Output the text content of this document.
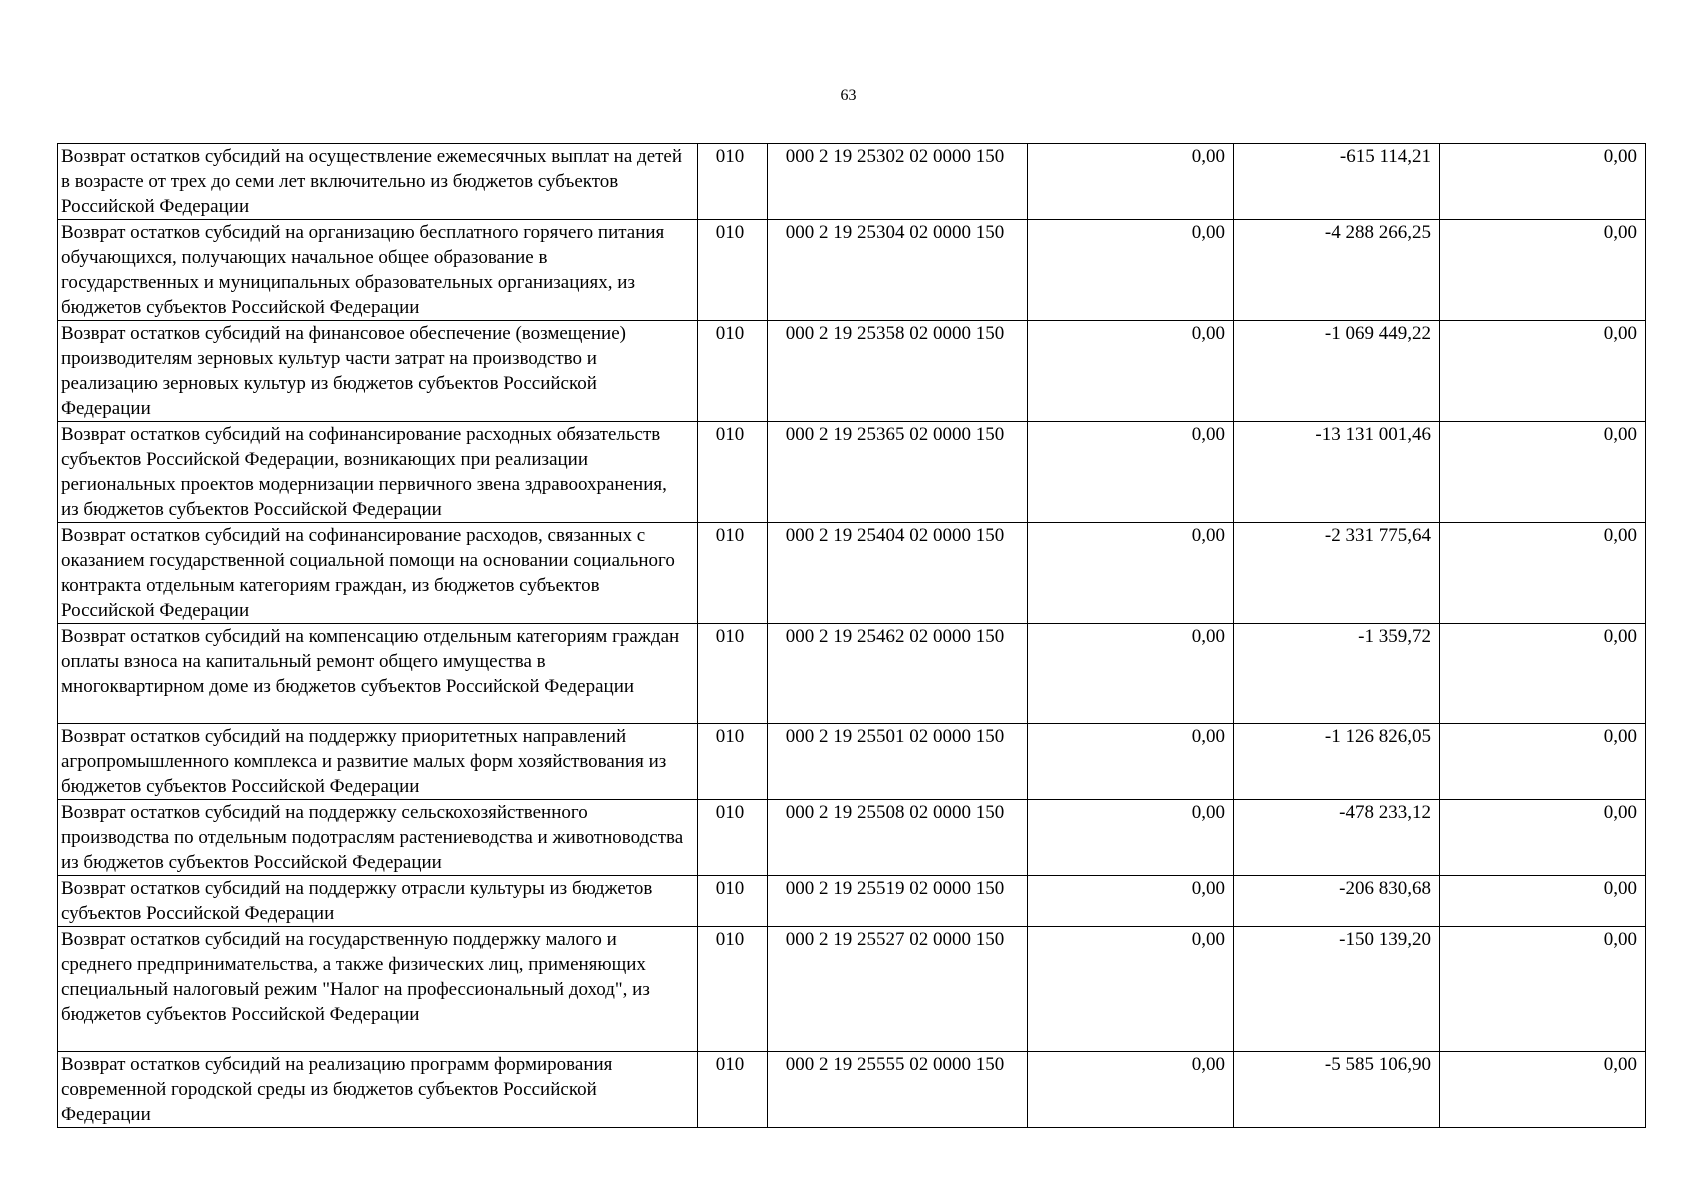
63
Возврат остатков субсидий на осуществление ежемесячных выплат на детей в возрасте от трех до семи лет включительно из бюджетов субъектов Российской Федерации	010	000 2 19 25302 02 0000 150	0,00	-615 114,21	0,00
Возврат остатков субсидий на организацию бесплатного горячего питания обучающихся, получающих начальное общее образование в государственных и муниципальных образовательных организациях, из бюджетов субъектов Российской Федерации	010	000 2 19 25304 02 0000 150	0,00	-4 288 266,25	0,00
Возврат остатков субсидий на финансовое обеспечение (возмещение) производителям зерновых культур части затрат на производство и реализацию зерновых культур из бюджетов субъектов Российской Федерации	010	000 2 19 25358 02 0000 150	0,00	-1 069 449,22	0,00
Возврат остатков субсидий на софинансирование расходных обязательств субъектов Российской Федерации, возникающих при реализации региональных проектов модернизации первичного звена здравоохранения, из бюджетов субъектов Российской Федерации	010	000 2 19 25365 02 0000 150	0,00	-13 131 001,46	0,00
Возврат остатков субсидий на софинансирование расходов, связанных с оказанием государственной социальной помощи на основании социального контракта отдельным категориям граждан, из бюджетов субъектов Российской Федерации	010	000 2 19 25404 02 0000 150	0,00	-2 331 775,64	0,00
Возврат остатков субсидий на компенсацию отдельным категориям граждан оплаты взноса на капитальный ремонт общего имущества в многоквартирном доме из бюджетов субъектов Российской Федерации	010	000 2 19 25462 02 0000 150	0,00	-1 359,72	0,00
Возврат остатков субсидий на поддержку приоритетных направлений агропромышленного комплекса и развитие малых форм хозяйствования из бюджетов субъектов Российской Федерации	010	000 2 19 25501 02 0000 150	0,00	-1 126 826,05	0,00
Возврат остатков субсидий на поддержку сельскохозяйственного производства по отдельным подотраслям растениеводства и животноводства из бюджетов субъектов Российской Федерации	010	000 2 19 25508 02 0000 150	0,00	-478 233,12	0,00
Возврат остатков субсидий на поддержку отрасли культуры из бюджетов субъектов Российской Федерации	010	000 2 19 25519 02 0000 150	0,00	-206 830,68	0,00
Возврат остатков субсидий на государственную поддержку малого и среднего предпринимательства, а также физических лиц, применяющих специальный налоговый режим "Налог на профессиональный доход", из бюджетов субъектов Российской Федерации	010	000 2 19 25527 02 0000 150	0,00	-150 139,20	0,00
Возврат остатков субсидий на реализацию программ формирования современной городской среды из бюджетов субъектов Российской Федерации	010	000 2 19 25555 02 0000 150	0,00	-5 585 106,90	0,00
